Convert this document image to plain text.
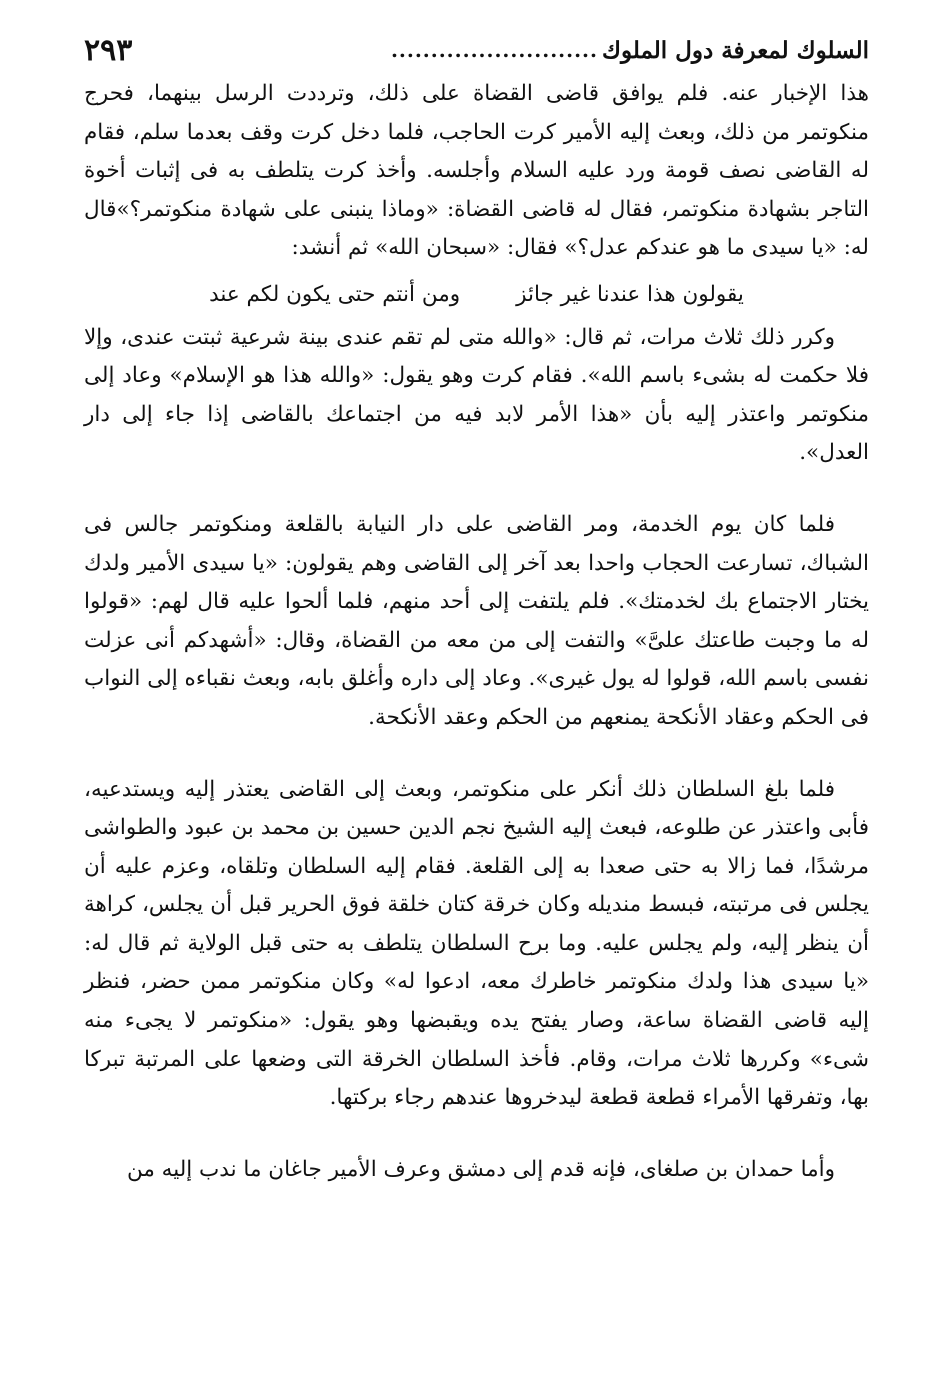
السلوك لمعرفة دول الملوك
..........................
٢٩٣

هذا الإخبار عنه. فلم يوافق قاضى القضاة على ذلك، وترددت الرسل بينهما، فحرج منكوتمر من ذلك، وبعث إليه الأمير كرت الحاجب، فلما دخل كرت وقف بعدما سلم، فقام له القاضى نصف قومة ورد عليه السلام وأجلسه. وأخذ كرت يتلطف به فى إثبات أخوة التاجر بشهادة منكوتمر، فقال له قاضى القضاة: «وماذا ينبنى على شهادة منكوتمر؟»قال له: «يا سيدى ما هو عندكم عدل؟» فقال: «سبحان الله» ثم أنشد:

يقولون هذا عندنا غير جائز
ومن أنتم حتى يكون لكم عند

وكرر ذلك ثلاث مرات، ثم قال: «والله متى لم تقم عندى بينة شرعية ثبتت عندى، وإلا فلا حكمت له بشىء باسم الله». فقام كرت وهو يقول: «والله هذا هو الإسلام» وعاد إلى منكوتمر واعتذر إليه بأن «هذا الأمر لابد فيه من اجتماعك بالقاضى إذا جاء إلى دار العدل».

فلما كان يوم الخدمة، ومر القاضى على دار النيابة بالقلعة ومنكوتمر جالس فى الشباك، تسارعت الحجاب واحدا بعد آخر إلى القاضى وهم يقولون: «يا سيدى الأمير ولدك يختار الاجتماع بك لخدمتك». فلم يلتفت إلى أحد منهم، فلما ألحوا عليه قال لهم: «قولوا له ما وجبت طاعتك علىَّ» والتفت إلى من معه من القضاة، وقال: «أشهدكم أنى عزلت نفسى باسم الله، قولوا له يول غيرى». وعاد إلى داره وأغلق بابه، وبعث نقباءه إلى النواب فى الحكم وعقاد الأنكحة يمنعهم من الحكم وعقد الأنكحة.

فلما بلغ السلطان ذلك أنكر على منكوتمر، وبعث إلى القاضى يعتذر إليه ويستدعيه، فأبى واعتذر عن طلوعه، فبعث إليه الشيخ نجم الدين حسين بن محمد بن عبود والطواشى مرشدًا، فما زالا به حتى صعدا به إلى القلعة. فقام إليه السلطان وتلقاه، وعزم عليه أن يجلس فى مرتبته، فبسط منديله وكان خرقة كتان خلقة فوق الحرير قبل أن يجلس، كراهة أن ينظر إليه، ولم يجلس عليه. وما برح السلطان يتلطف به حتى قبل الولاية ثم قال له: «يا سيدى هذا ولدك منكوتمر خاطرك معه، ادعوا له» وكان منكوتمر ممن حضر، فنظر إليه قاضى القضاة ساعة، وصار يفتح يده ويقبضها وهو يقول: «منكوتمر لا يجىء منه شىء» وكررها ثلاث مرات، وقام. فأخذ السلطان الخرقة التى وضعها على المرتبة تبركا بها، وتفرقها الأمراء قطعة قطعة ليدخروها عندهم رجاء بركتها.

وأما حمدان بن صلغاى، فإنه قدم إلى دمشق وعرف الأمير جاغان ما ندب إليه من
